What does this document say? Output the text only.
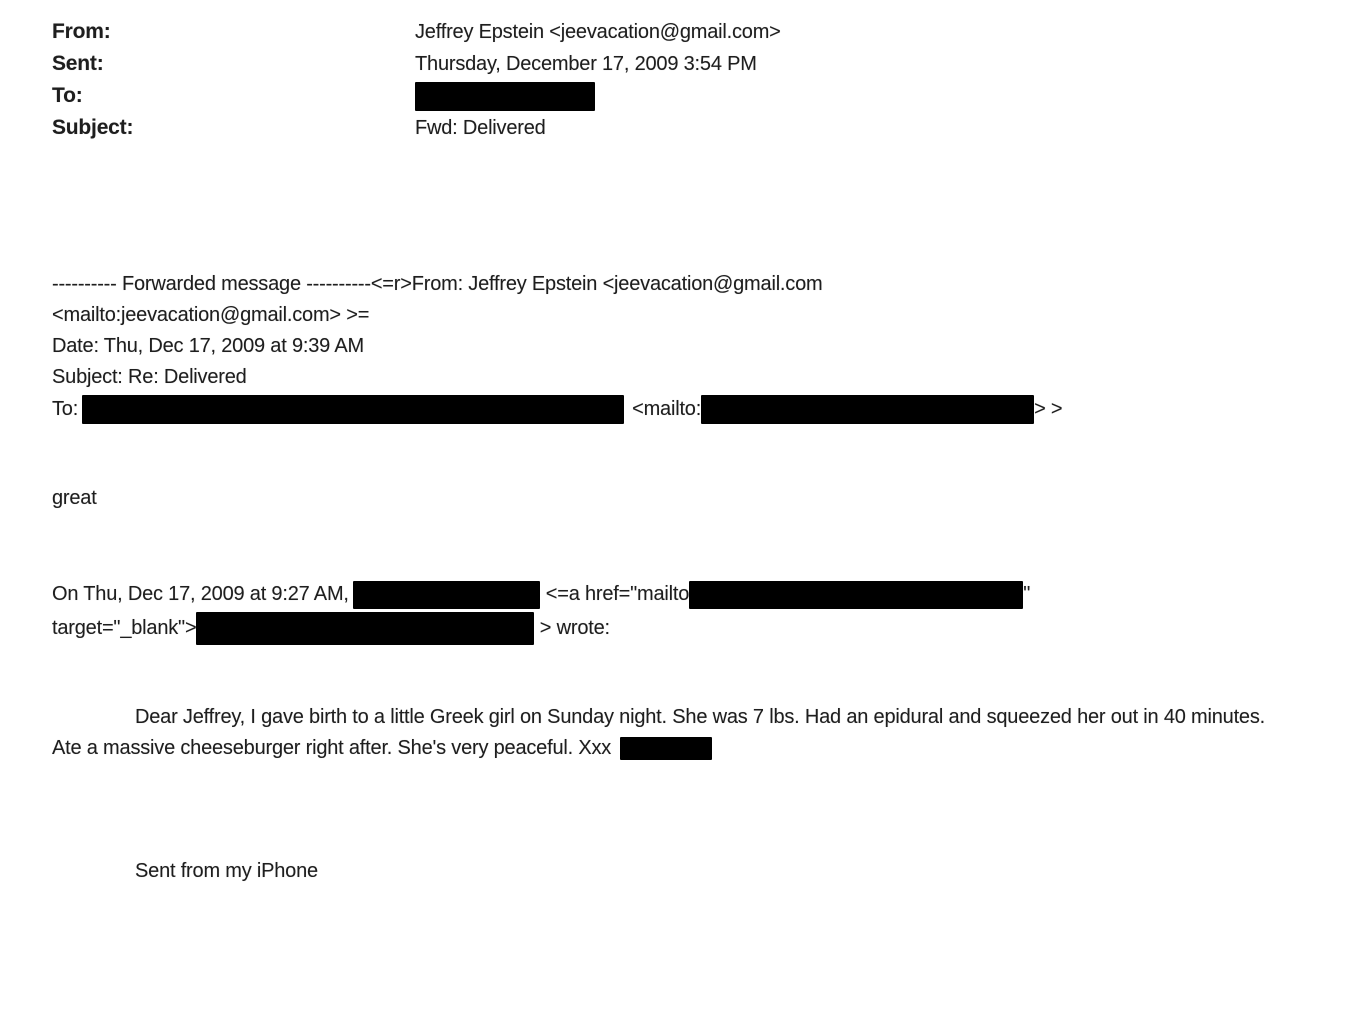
From:	Jeffrey Epstein <jeevacation@gmail.com>
Sent:	Thursday, December 17, 2009 3:54 PM
To:
Subject:	Fwd: Delivered
---------- Forwarded message ----------<=r>From: Jeffrey Epstein <jeevacation@gmail.com
<mailto:jeevacation@gmail.com> >=
Date: Thu, Dec 17, 2009 at 9:39 AM
Subject: Re: Delivered
To:	<mailto:	> >
great
On Thu, Dec 17, 2009 at 9:27 AM,	<=a href="mailto	"
target="_blank">	> wrote:

Dear Jeffrey, I gave birth to a little Greek girl on Sunday night. She was 7 lbs. Had an epidural and squeezed her out in 40 minutes. Ate a massive cheeseburger right after. She's very peaceful. Xxx

Sent from my iPhone
